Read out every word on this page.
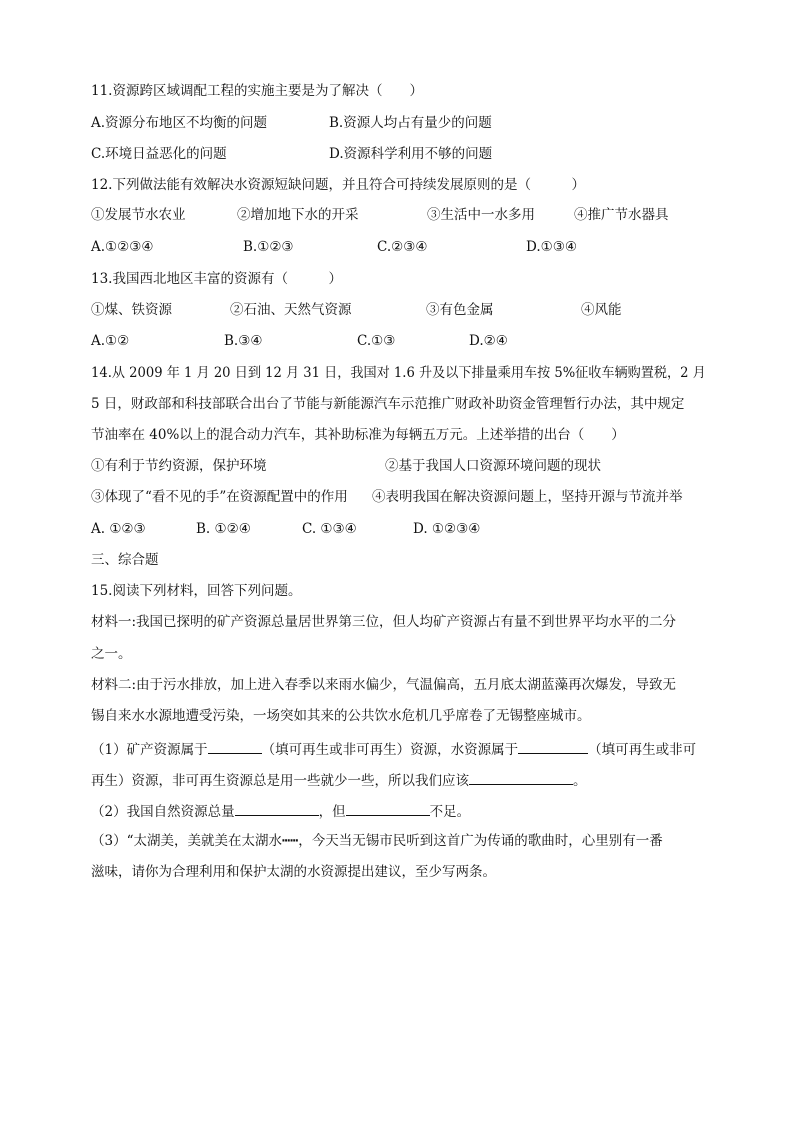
11.资源跨区域调配工程的实施主要是为了解决（　　）
A.资源分布地区不均衡的问题	B.资源人均占有量少的问题
C.环境日益恶化的问题	D.资源科学利用不够的问题
12.下列做法能有效解决水资源短缺问题，并且符合可持续发展原则的是（　　　）
①发展节水农业	②增加地下水的开采	③生活中一水多用	④推广节水器具
A.①②③④	B.①②③	C.②③④	D.①③④
13.我国西北地区丰富的资源有（　　　）
①煤、铁资源	②石油、天然气资源	③有色金属	④风能
A.①②	B.③④	C.①③	D.②④
14.从 2009 年 1 月 20 日到 12 月 31 日，我国对 1.6 升及以下排量乘用车按 5%征收车辆购置税，2 月
5 日，财政部和科技部联合出台了节能与新能源汽车示范推广财政补助资金管理暂行办法，其中规定
节油率在 40%以上的混合动力汽车，其补助标准为每辆五万元。上述举措的出台（　　）
①有利于节约资源，保护环境	②基于我国人口资源环境问题的现状
③体现了“看不见的手”在资源配置中的作用 ④表明我国在解决资源问题上，坚持开源与节流并举
A. ①②③	B. ①②④	C. ①③④	D. ①②③④
三、综合题
15.阅读下列材料，回答下列问题。
材料一:我国已探明的矿产资源总量居世界第三位，但人均矿产资源占有量不到世界平均水平的二分
之一。
材料二:由于污水排放，加上进入春季以来雨水偏少，气温偏高，五月底太湖蓝藻再次爆发，导致无
锡自来水水源地遭受污染，一场突如其来的公共饮水危机几乎席卷了无锡整座城市。
（1）矿产资源属于	（填可再生或非可再生）资源，水资源属于	（填可再生或非可
再生）资源，非可再生资源总是用一些就少一些，所以我们应该	。
（2）我国自然资源总量	，但	不足。
（3）“太湖美，美就美在太湖水┅┅，今天当无锡市民听到这首广为传诵的歌曲时，心里别有一番
滋味，请你为合理利用和保护太湖的水资源提出建议，至少写两条。
